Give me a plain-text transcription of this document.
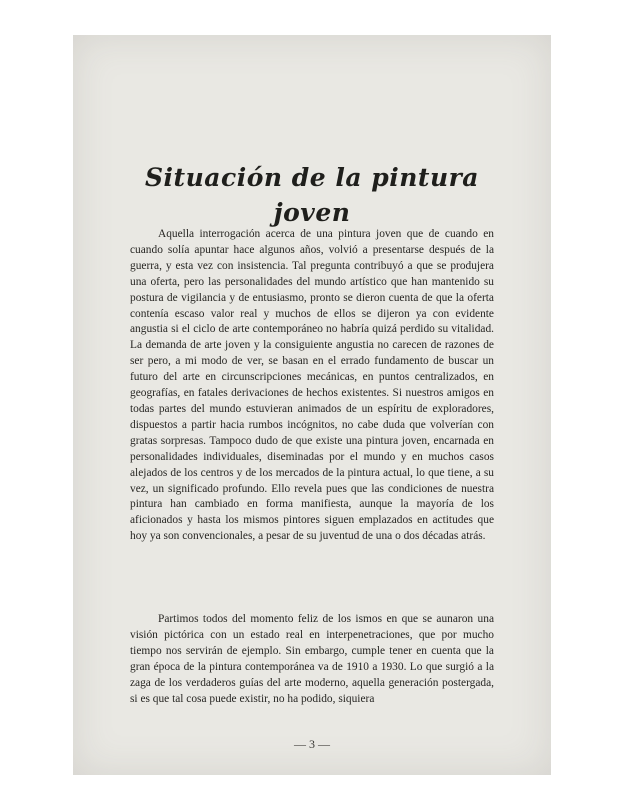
Situación de la pintura
joven

Aquella interrogación acerca de una pintura joven que de cuando en cuando solía apuntar hace algunos años, volvió a presentarse después de la guerra, y esta vez con insistencia. Tal pregunta contribuyó a que se produjera una oferta, pero las personalidades del mundo artístico que han mantenido su postura de vigilancia y de entusiasmo, pronto se dieron cuenta de que la oferta contenía escaso valor real y muchos de ellos se dijeron ya con evidente angustia si el ciclo de arte contemporáneo no habría quizá perdido su vitalidad. La demanda de arte joven y la consiguiente angustia no carecen de razones de ser pero, a mi modo de ver, se basan en el errado fundamento de buscar un futuro del arte en circunscripciones mecánicas, en puntos centralizados, en geografías, en fatales derivaciones de hechos existentes. Si nuestros amigos en todas partes del mundo estuvieran animados de un espíritu de exploradores, dispuestos a partir hacia rumbos incógnitos, no cabe duda que volverían con gratas sorpresas. Tampoco dudo de que existe una pintura joven, encarnada en personalidades individuales, diseminadas por el mundo y en muchos casos alejados de los centros y de los mercados de la pintura actual, lo que tiene, a su vez, un significado profundo. Ello revela pues que las condiciones de nuestra pintura han cambiado en forma manifiesta, aunque la mayoría de los aficionados y hasta los mismos pintores siguen emplazados en actitudes que hoy ya son convencionales, a pesar de su juventud de una o dos décadas atrás.

Partimos todos del momento feliz de los ismos en que se aunaron una visión pictórica con un estado real en interpenetraciones, que por mucho tiempo nos servirán de ejemplo. Sin embargo, cumple tener en cuenta que la gran época de la pintura contemporánea va de 1910 a 1930. Lo que surgió a la zaga de los verdaderos guías del arte moderno, aquella generación postergada, si es que tal cosa puede existir, no ha podido, siquiera

— 3 —
